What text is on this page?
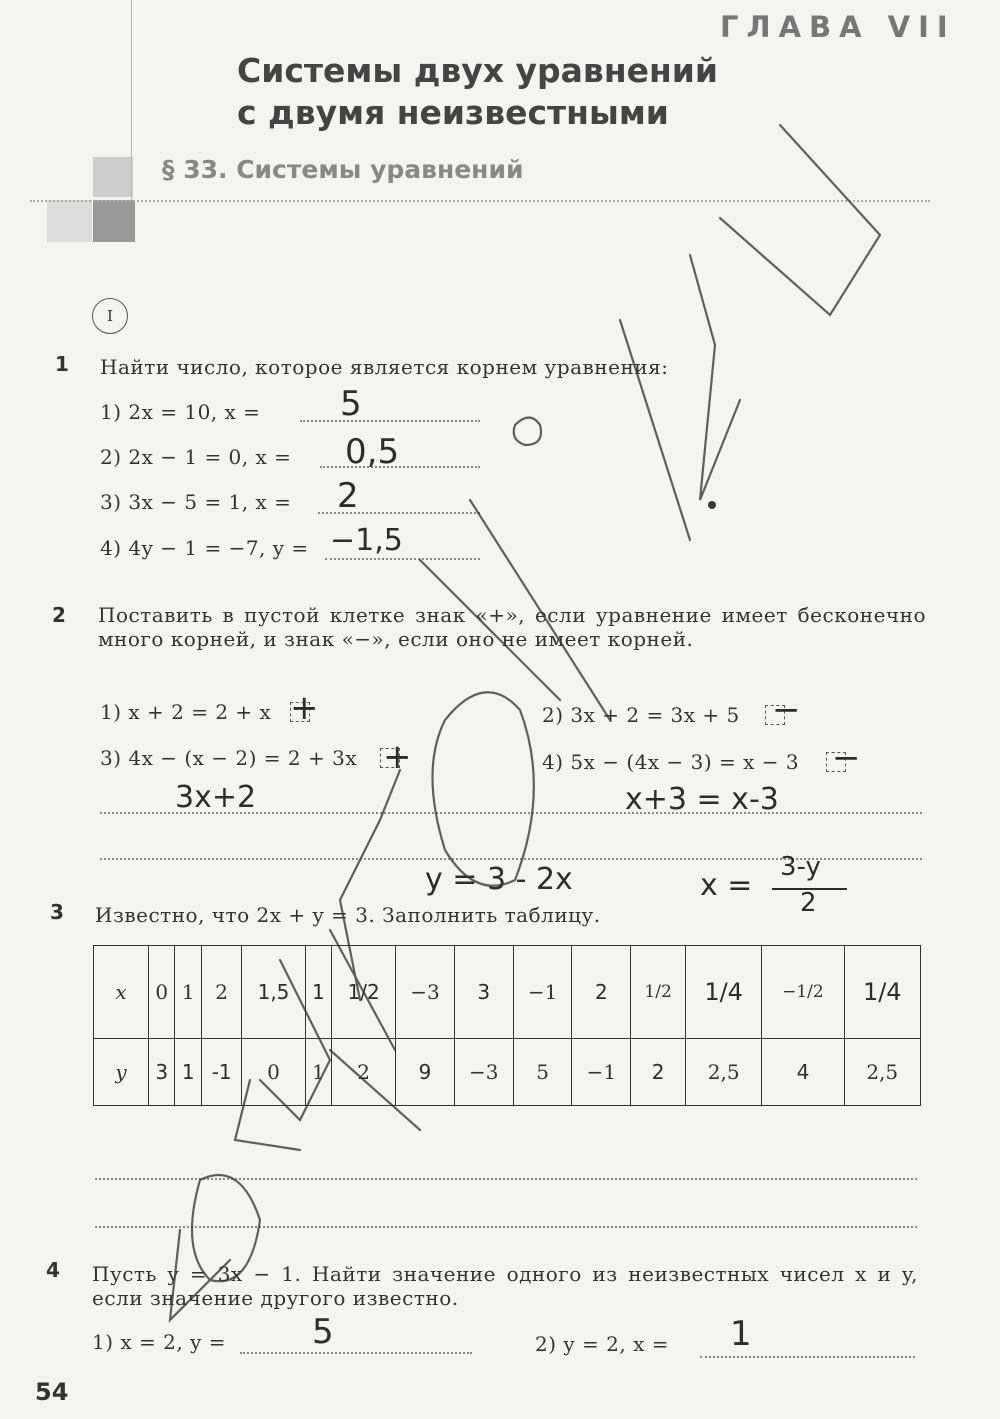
ГЛАВА VII
Системы двух уравнений
с двумя неизвестными
§ 33. Системы уравнений
I
1 Найти число, которое является корнем уравнения:
1) 2x = 10, x = 5
2) 2x − 1 = 0, x = 0,5
3) 3x − 5 = 1, x = 2
4) 4y − 1 = −7, y = −1,5
2 Поставить в пустой клетке знак «+», если уравнение имеет бесконечно много корней, и знак «−», если оно не имеет корней.
1) x + 2 = 2 + x +	2) 3x + 2 = 3x + 5 −
3) 4x − (x − 2) = 2 + 3x +	4) 5x − (4x − 3) = x − 3 −
3x+2	x+3 = x-3
y = 3 - 2x	x =
3-y
2
3 Известно, что 2x + y = 3. Заполнить таблицу.
x	0	1	2	1,5	1	1/2	−3	3	−1	2	1/2	1/4	−1/2	1/4
y	3	1	-1	0	1	2	9	−3	5	−1	2	2,5	4	2,5
4 Пусть y = 3x − 1. Найти значение одного из неизвестных чисел x и y, если значение другого известно.
1) x = 2, y =	5	2) y = 2, x = 1
54
